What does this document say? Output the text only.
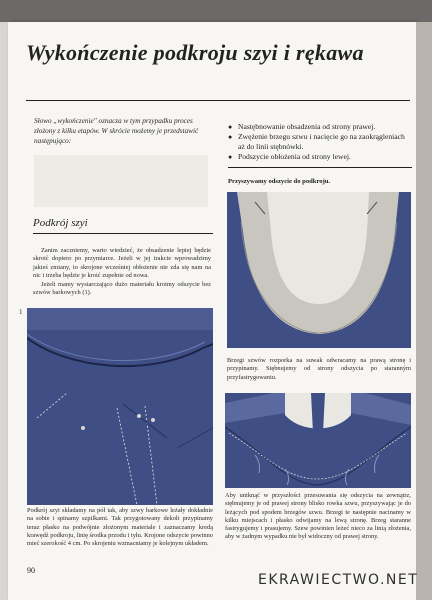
Wykończenie podkroju szyi i rękawa
Słowo „wykończenie" oznacza w tym przypadku proces złożony z kilku etapów. W skrócie możemy je przedstawić następująco:
● Nastębnowanie obsadzenia od strony prawej.
● Zwężenie brzegu szwu i nacięcie go na zaokrągleniach aż do linii stębnówki.
● Podszycie obłożenia od strony lewej.
Przyszywamy odszycie do podkroju.
Podkrój szyi

Zanim zaczniemy, warto wiedzieć, że obsadzenie lepiej będzie skroić dopiero po przymiarce. Jeżeli w jej trakcie wprowadzimy jakieś zmiany, to skrojone wcześniej obłożenie nie zda się nam na nic i trzeba będzie je kroić zupełnie od nowa.

Jeżeli mamy wystarczająco dużo materiału kroimy odszycie bez szwów barkowych (1).

1
Podkrój szyi składamy na pół tak, aby szwy barkowe leżały dokładnie na sobie i spinamy szpilkami. Tak przygotowany dekolt przypinamy teraz płasko na podwójnie złożonym materiale i zaznaczamy kredą krawędź podkroju, linię środka przodu i tyłu. Krojone odszycie powinno mieć szerokość 4 cm. Po skrojeniu wzmacniamy je kolejnym układem.
Brzegi szwów rozporka na suwak odwracamy na prawą stronę i przypinamy. Stębnujemy od strony odszycia po staranným przyfastrygowaniu.
Aby uniknąć w przyszłości przesuwania się odszycia na zewnątrz, stębnujemy je od prawej strony blisko rowka szwu, przyszywając je do leżących pod spodem brzegów szwu. Brzegi te następnie nacinamy w kilku miejscach i płasko odwijamy na lewą stronę. Brzeg staranne fastrygujemy i prasujemy. Szew powinien leżeć nieco za linią złożenia, aby w żadnym wypadku nie był widoczny od prawej strony.
90
EKRAWIECTWO.NET
